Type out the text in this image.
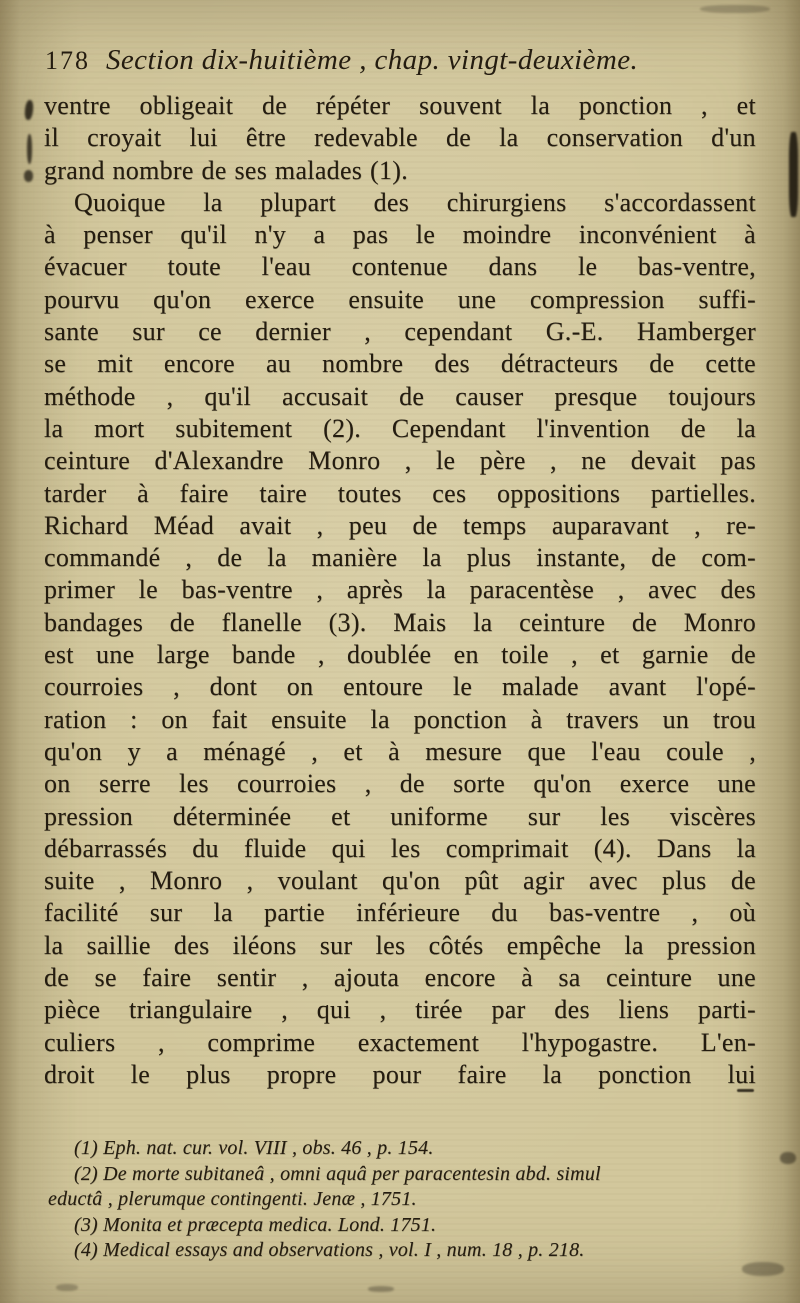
178 Section dix-huitième , chap. vingt-deuxième.
ventre obligeait de répéter souvent la ponction , et
il croyait lui être redevable de la conservation d'un
grand nombre de ses malades (1).
Quoique la plupart des chirurgiens s'accordassent
à penser qu'il n'y a pas le moindre inconvénient à
évacuer toute l'eau contenue dans le bas-ventre,
pourvu qu'on exerce ensuite une compression suffi-
sante sur ce dernier , cependant G.-E. Hamberger
se mit encore au nombre des détracteurs de cette
méthode , qu'il accusait de causer presque toujours
la mort subitement (2). Cependant l'invention de la
ceinture d'Alexandre Monro , le père , ne devait pas
tarder à faire taire toutes ces oppositions partielles.
Richard Méad avait , peu de temps auparavant , re-
commandé , de la manière la plus instante, de com-
primer le bas-ventre , après la paracentèse , avec des
bandages de flanelle (3). Mais la ceinture de Monro
est une large bande , doublée en toile , et garnie de
courroies , dont on entoure le malade avant l'opé-
ration : on fait ensuite la ponction à travers un trou
qu'on y a ménagé , et à mesure que l'eau coule ,
on serre les courroies , de sorte qu'on exerce une
pression déterminée et uniforme sur les viscères
débarrassés du fluide qui les comprimait (4). Dans la
suite , Monro , voulant qu'on pût agir avec plus de
facilité sur la partie inférieure du bas-ventre , où
la saillie des iléons sur les côtés empêche la pression
de se faire sentir , ajouta encore à sa ceinture une
pièce triangulaire , qui , tirée par des liens parti-
culiers , comprime exactement l'hypogastre. L'en-
droit le plus propre pour faire la ponction lui
(1) Eph. nat. cur. vol. VIII , obs. 46 , p. 154.
(2) De morte subitaneâ , omni aquâ per paracentesin abd. simul
eductâ , plerumque contingenti. Jenæ , 1751.
(3) Monita et præcepta medica. Lond. 1751.
(4) Medical essays and observations , vol. I , num. 18 , p. 218.
